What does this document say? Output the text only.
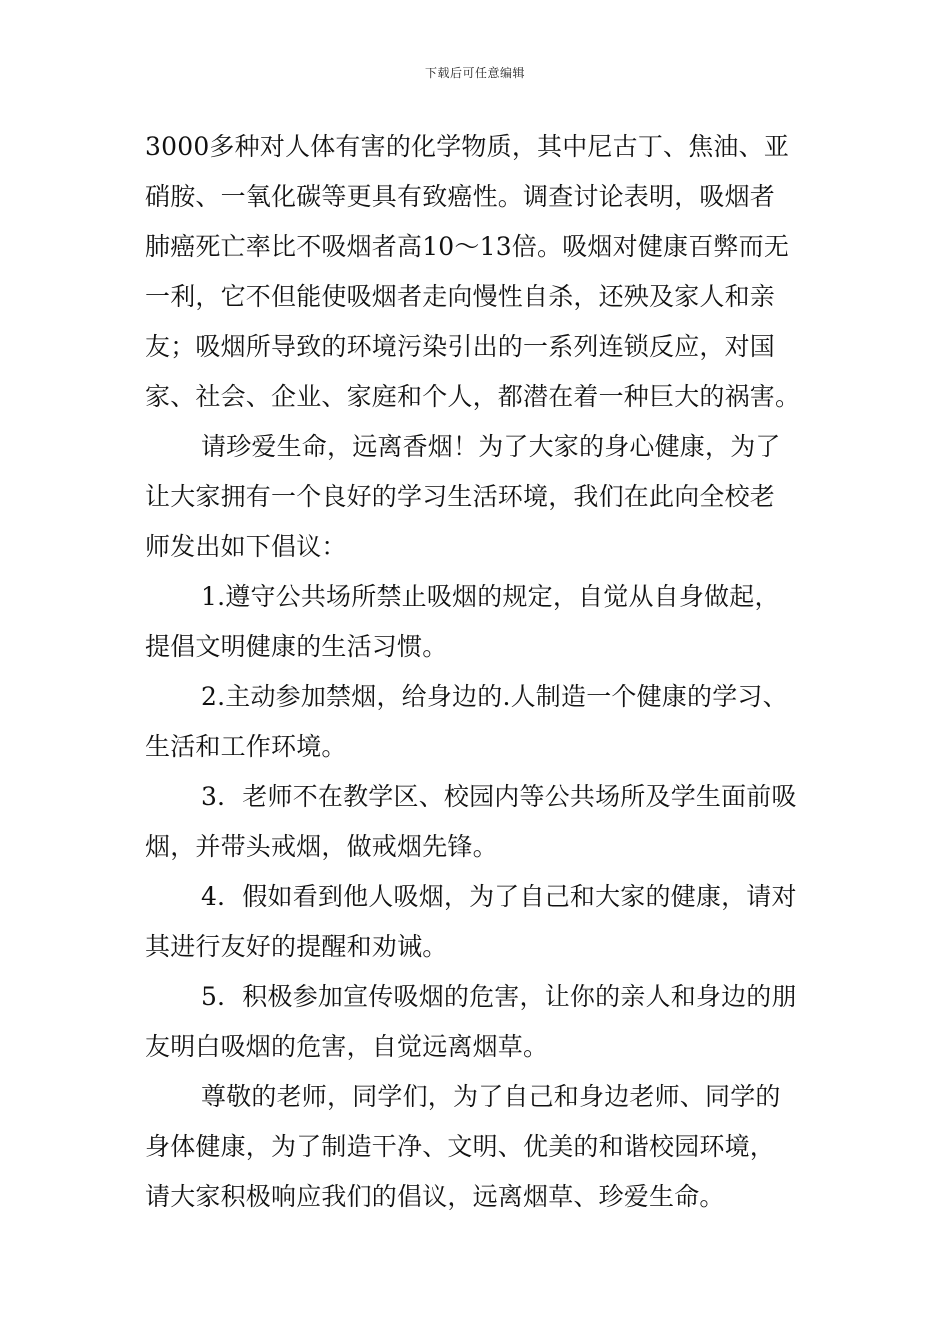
下载后可任意编辑
3000多种对人体有害的化学物质，其中尼古丁、焦油、亚
硝胺、一氧化碳等更具有致癌性。调查讨论表明，吸烟者
肺癌死亡率比不吸烟者高10～13倍。吸烟对健康百弊而无
一利，它不但能使吸烟者走向慢性自杀，还殃及家人和亲
友；吸烟所导致的环境污染引出的一系列连锁反应，对国
家、社会、企业、家庭和个人，都潜在着一种巨大的祸害。
请珍爱生命，远离香烟！为了大家的身心健康，为了
让大家拥有一个良好的学习生活环境，我们在此向全校老
师发出如下倡议：
1.遵守公共场所禁止吸烟的规定，自觉从自身做起，
提倡文明健康的生活习惯。
2.主动参加禁烟，给身边的.人制造一个健康的学习、
生活和工作环境。
3．老师不在教学区、校园内等公共场所及学生面前吸
烟，并带头戒烟，做戒烟先锋。
4．假如看到他人吸烟，为了自己和大家的健康，请对
其进行友好的提醒和劝诫。
5．积极参加宣传吸烟的危害，让你的亲人和身边的朋
友明白吸烟的危害，自觉远离烟草。
尊敬的老师，同学们，为了自己和身边老师、同学的
身体健康，为了制造干净、文明、优美的和谐校园环境，
请大家积极响应我们的倡议，远离烟草、珍爱生命。
